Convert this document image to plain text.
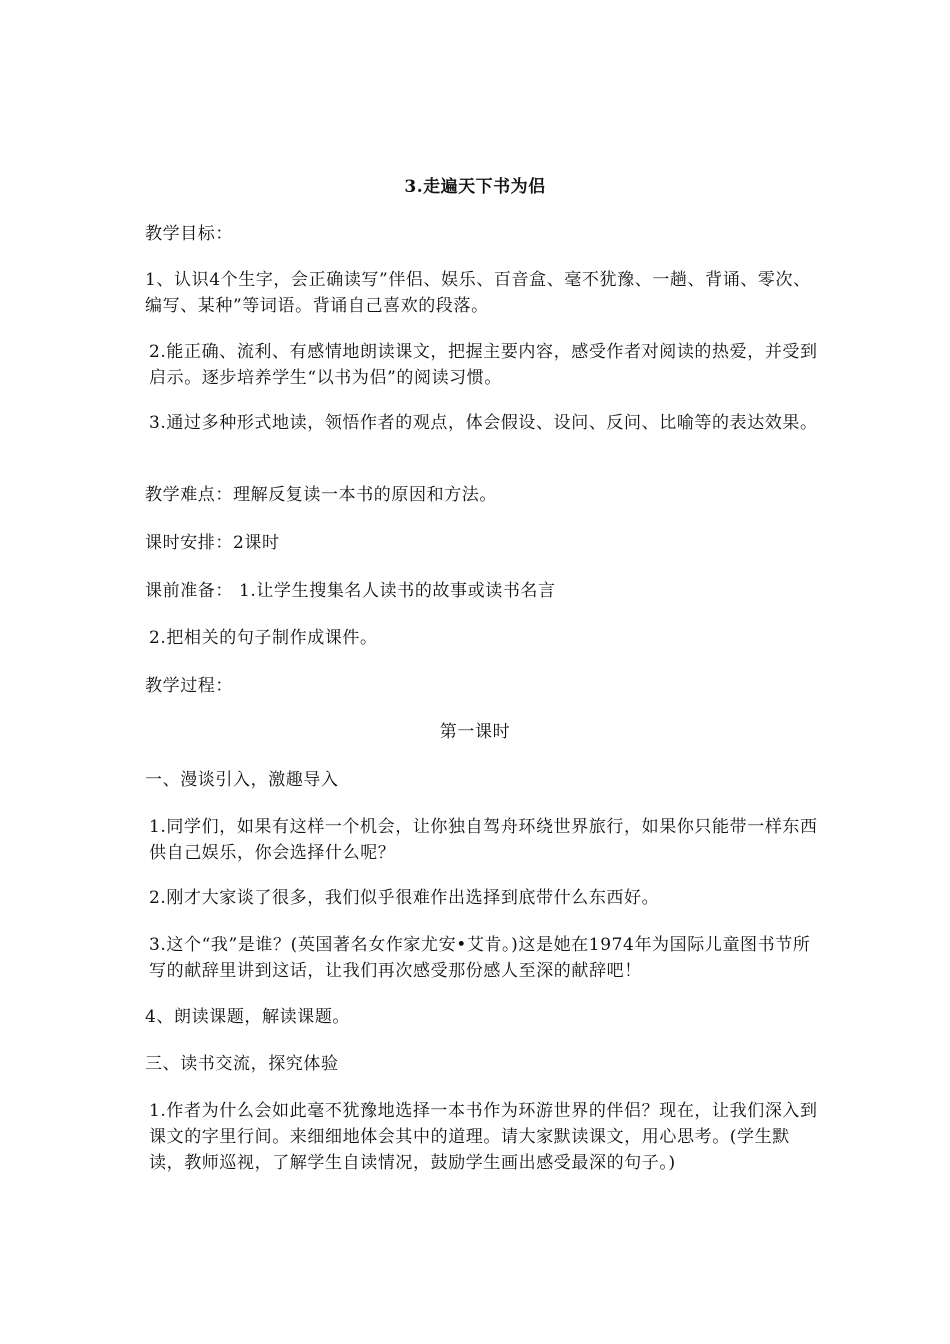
3.走遍天下书为侣

教学目标：

1、认识4个生字，会正确读写”伴侣、娱乐、百音盒、毫不犹豫、一趟、背诵、零次、编写、某种”等词语。背诵自己喜欢的段落。

2.能正确、流利、有感情地朗读课文，把握主要内容，感受作者对阅读的热爱，并受到启示。逐步培养学生“以书为侣”的阅读习惯。

3.通过多种形式地读，领悟作者的观点，体会假设、设问、反问、比喻等的表达效果。

教学难点：理解反复读一本书的原因和方法。

课时安排：2课时

课前准备： 1.让学生搜集名人读书的故事或读书名言

2.把相关的句子制作成课件。

教学过程：

第一课时

一、漫谈引入，激趣导入

1.同学们，如果有这样一个机会，让你独自驾舟环绕世界旅行，如果你只能带一样东西供自己娱乐，你会选择什么呢？

2.刚才大家谈了很多，我们似乎很难作出选择到底带什么东西好。

3.这个“我”是谁？(英国著名女作家尤安•艾肯。)这是她在1974年为国际儿童图书节所写的献辞里讲到这话，让我们再次感受那份感人至深的献辞吧！

4、朗读课题，解读课题。

三、读书交流，探究体验

1.作者为什么会如此毫不犹豫地选择一本书作为环游世界的伴侣？现在，让我们深入到课文的字里行间。来细细地体会其中的道理。请大家默读课文，用心思考。(学生默读，教师巡视，了解学生自读情况，鼓励学生画出感受最深的句子。)
